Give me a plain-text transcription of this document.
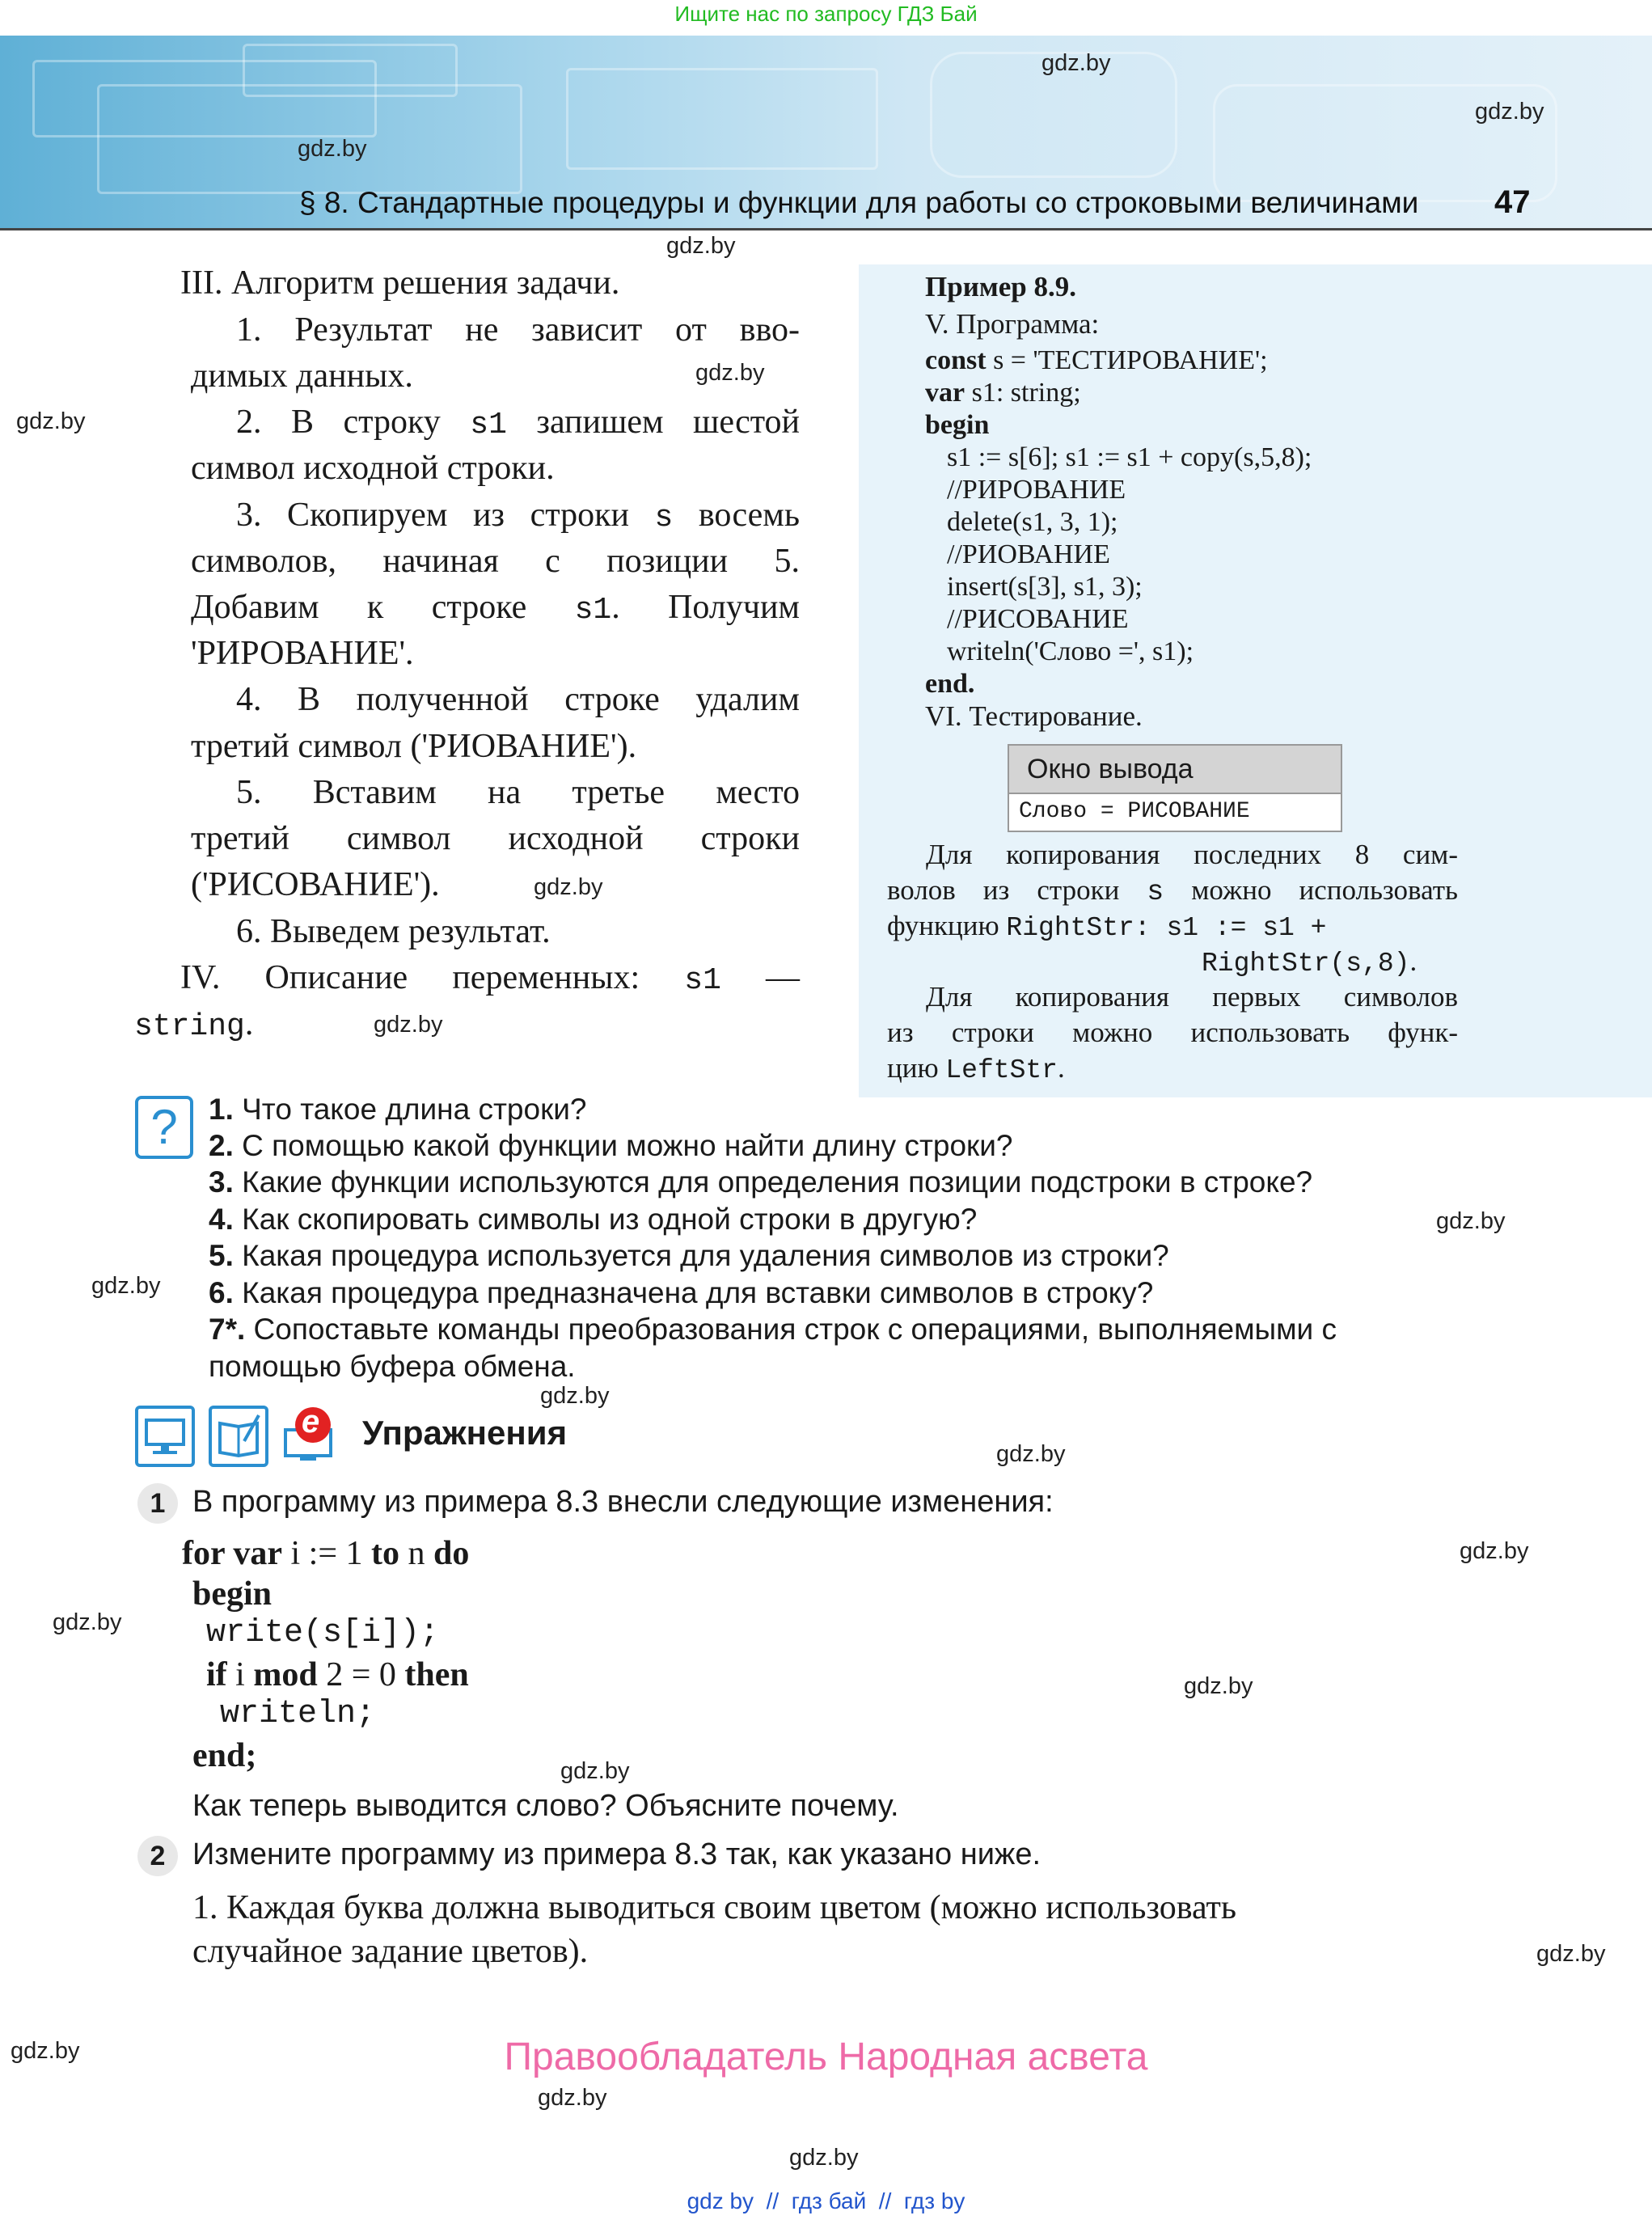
Ищите нас по запросу ГДЗ Бай
§ 8. Стандартные процедуры и функции для работы со строковыми величинами 47
gdz.by
gdz.by
gdz.by
gdz.by
gdz.by
gdz.by
gdz.by
gdz.by
gdz.by
gdz.by
gdz.by
gdz.by
gdz.by
gdz.by
gdz.by
gdz.by
gdz.by
gdz.by
gdz.by
gdz.by
III. Алгоритм решения задачи.
1. Результат не зависит от вво-
димых данных.
2. В строку s1 запишем шестой
символ исходной строки.
3. Скопируем из строки s восемь
символов, начиная с позиции 5.
Добавим к строке s1. Получим
'РИРОВАНИЕ'.
4. В полученной строке удалим
третий символ ('РИОВАНИЕ').
5. Вставим на третье место
третий символ исходной строки
('РИСОВАНИЕ').
6. Выведем результат.
IV. Описание переменных: s1 —
string.
Пример 8.9.
V. Программа:
const s = 'ТЕСТИРОВАНИЕ';
var s1: string;
begin
s1 := s[6]; s1 := s1 + copy(s,5,8);
//РИРОВАНИЕ
delete(s1, 3, 1);
//РИОВАНИЕ
insert(s[3], s1, 3);
//РИСОВАНИЕ
writeln('Слово =', s1);
end.
VI. Тестирование.
Окно вывода
Слово = РИСОВАНИЕ
Для копирования последних 8 сим-
волов из строки s можно использовать
функцию RightStr: s1 := s1 +
RightStr(s,8).
Для копирования первых символов
из строки можно использовать функ-
цию LeftStr.
?	1. Что такое длина строки?
2. С помощью какой функции можно найти длину строки?
3. Какие функции используются для определения позиции подстроки в строке?
4. Как скопировать символы из одной строки в другую?
5. Какая процедура используется для удаления символов из строки?
6. Какая процедура предназначена для вставки символов в строку?
7*. Сопоставьте команды преобразования строк с операциями, выполняемыми с
помощью буфера обмена.
e Упражнения
1 В программу из примера 8.3 внесли следующие изменения:
for var i := 1 to n do
begin
write(s[i]);
if i mod 2 = 0 then
writeln;
end;
Как теперь выводится слово? Объясните почему.
2 Измените программу из примера 8.3 так, как указано ниже.
1. Каждая буква должна выводиться своим цветом (можно использовать
случайное задание цветов).
Правообладатель Народная асвета
gdz by  //  гдз бай  //  гдз by
